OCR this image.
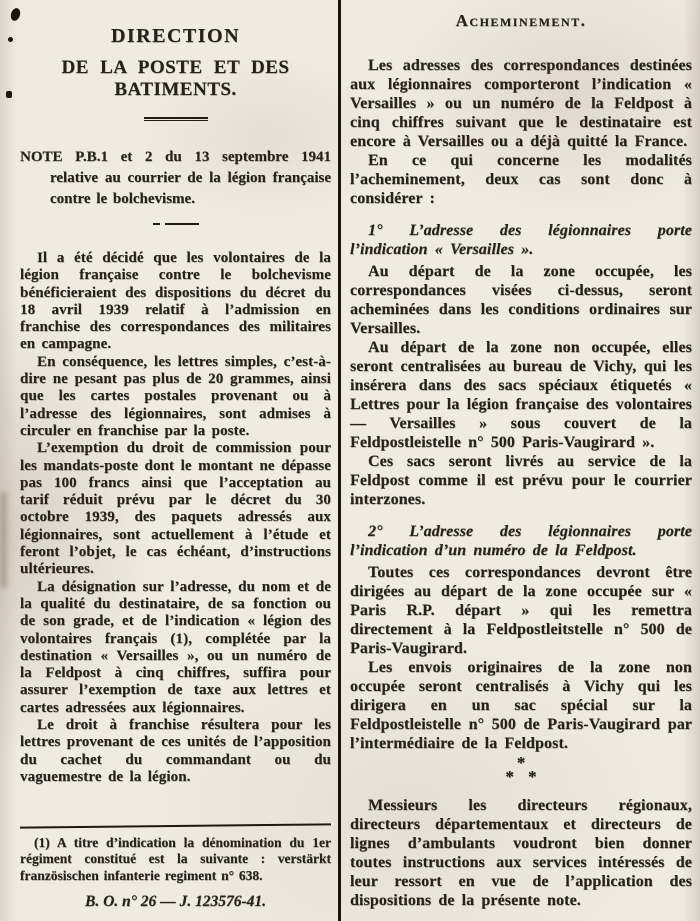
DIRECTION
DE LA POSTE ET DES BATIMENTS.

NOTE P.B.1 et 2 du 13 septembre 1941 relative au courrier de la légion française contre le bolchevisme.

Il a été décidé que les volontaires de la légion française contre le bolchevisme bénéficieraient des dispositions du décret du 18 avril 1939 relatif à l’admission en franchise des correspondances des militaires en campagne.

En conséquence, les lettres simples, c’est-à-dire ne pesant pas plus de 20 grammes, ainsi que les cartes postales provenant ou à l’adresse des légionnaires, sont admises à circuler en franchise par la poste.

L’exemption du droit de commission pour les mandats-poste dont le montant ne dépasse pas 100 francs ainsi que l’acceptation au tarif réduit prévu par le décret du 30 octobre 1939, des paquets adressés aux légionnaires, sont actuellement à l’étude et feront l’objet, le cas échéant, d’instructions ultérieures.

La désignation sur l’adresse, du nom et de la qualité du destinataire, de sa fonction ou de son grade, et de l’indication « légion des volontaires français (1), complétée par la destination « Versailles », ou un numéro de la Feldpost à cinq chiffres, suffira pour assurer l’exemption de taxe aux lettres et cartes adressées aux légionnaires.

Le droit à franchise résultera pour les lettres provenant de ces unités de l’apposition du cachet du commandant ou du vaguemestre de la légion.

(1) A titre d’indication la dénomination du 1er régiment constitué est la suivante : verstärkt französischen infanterie regiment n° 638.

B. O. n° 26 — J. 123576-41.
Acheminement.

Les adresses des correspondances destinées aux légionnaires comporteront l’indication « Versailles » ou un numéro de la Feldpost à cinq chiffres suivant que le destinataire est encore à Versailles ou a déjà quitté la France.

En ce qui concerne les modalités l’acheminement, deux cas sont donc à considérer :

1° L’adresse des légionnaires porte l’indication « Versailles ».

Au départ de la zone occupée, les correspondances visées ci-dessus, seront acheminées dans les conditions ordinaires sur Versailles.

Au départ de la zone non occupée, elles seront centralisées au bureau de Vichy, qui les insérera dans des sacs spéciaux étiquetés « Lettres pour la légion française des volontaires — Versailles » sous couvert de la Feldpostleistelle n° 500 Paris-Vaugirard ».

Ces sacs seront livrés au service de la Feldpost comme il est prévu pour le courrier interzones.

2° L’adresse des légionnaires porte l’indication d’un numéro de la Feldpost.

Toutes ces correspondances devront être dirigées au départ de la zone occupée sur « Paris R.P. départ » qui les remettra directement à la Feldpostleitstelle n° 500 de Paris-Vaugirard.

Les envois originaires de la zone non occupée seront centralisés à Vichy qui les dirigera en un sac spécial sur la Feldpostleistelle n° 500 de Paris-Vaugirard par l’intermédiaire de la Feldpost.

*
* *

Messieurs les directeurs régionaux, directeurs départementaux et directeurs de lignes d’ambulants voudront bien donner toutes instructions aux services intéressés de leur ressort en vue de l’application des dispositions de la présente note.
